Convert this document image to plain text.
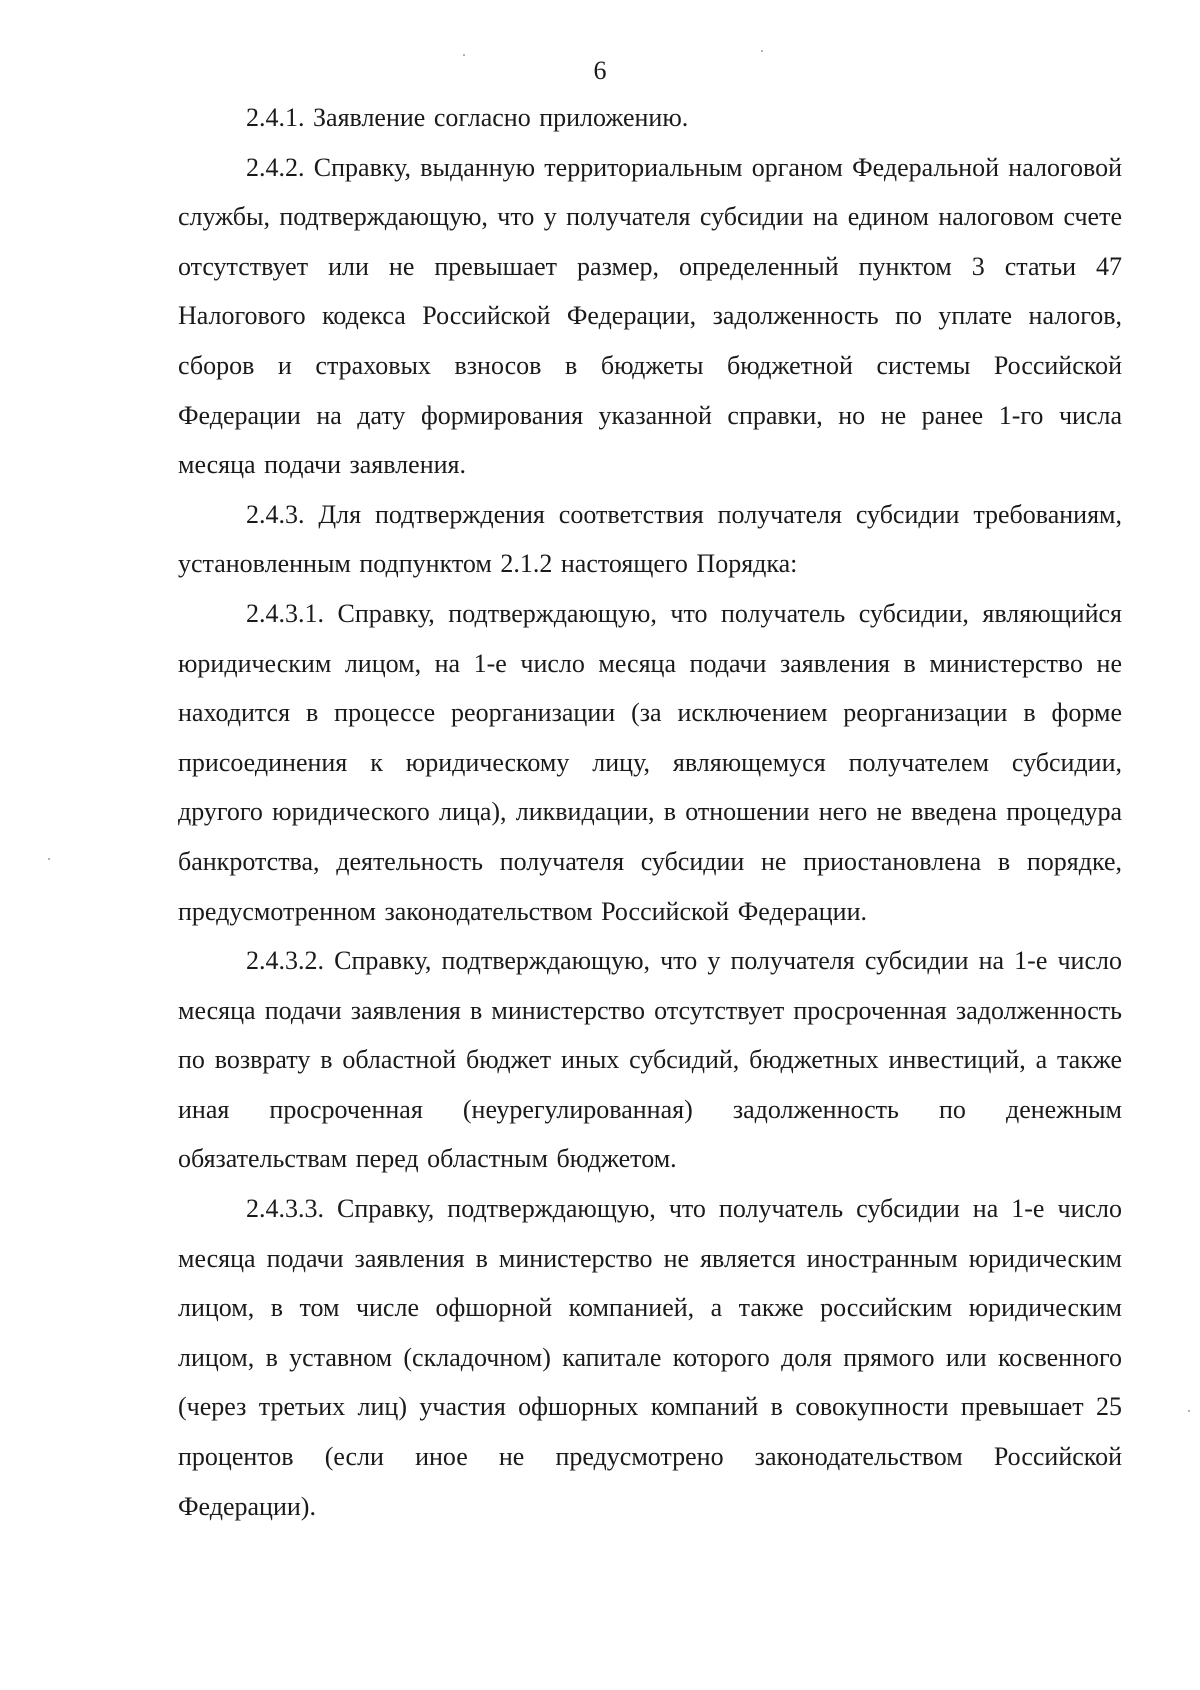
6

2.4.1. Заявление согласно приложению.

2.4.2. Справку, выданную территориальным органом Федеральной налоговой службы, подтверждающую, что у получателя субсидии на едином налоговом счете отсутствует или не превышает размер, определенный пунктом 3 статьи 47 Налогового кодекса Российской Федерации, задолженность по уплате налогов, сборов и страховых взносов в бюджеты бюджетной системы Российской Федерации на дату формирования указанной справки, но не ранее 1-го числа месяца подачи заявления.

2.4.3. Для подтверждения соответствия получателя субсидии требованиям, установленным подпунктом 2.1.2 настоящего Порядка:

2.4.3.1. Справку, подтверждающую, что получатель субсидии, являющийся юридическим лицом, на 1-е число месяца подачи заявления в министерство не находится в процессе реорганизации (за исключением реорганизации в форме присоединения к юридическому лицу, являющемуся получателем субсидии, другого юридического лица), ликвидации, в отношении него не введена процедура банкротства, деятельность получателя субсидии не приостановлена в порядке, предусмотренном законодательством Российской Федерации.

2.4.3.2. Справку, подтверждающую, что у получателя субсидии на 1-е число месяца подачи заявления в министерство отсутствует просроченная задолженность по возврату в областной бюджет иных субсидий, бюджетных инвестиций, а также иная просроченная (неурегулированная) задолженность по денежным обязательствам перед областным бюджетом.

2.4.3.3. Справку, подтверждающую, что получатель субсидии на 1-е число месяца подачи заявления в министерство не является иностранным юридическим лицом, в том числе офшорной компанией, а также российским юридическим лицом, в уставном (складочном) капитале которого доля прямого или косвенного (через третьих лиц) участия офшорных компаний в совокупности превышает 25 процентов (если иное не предусмотрено законодательством Российской Федерации).
